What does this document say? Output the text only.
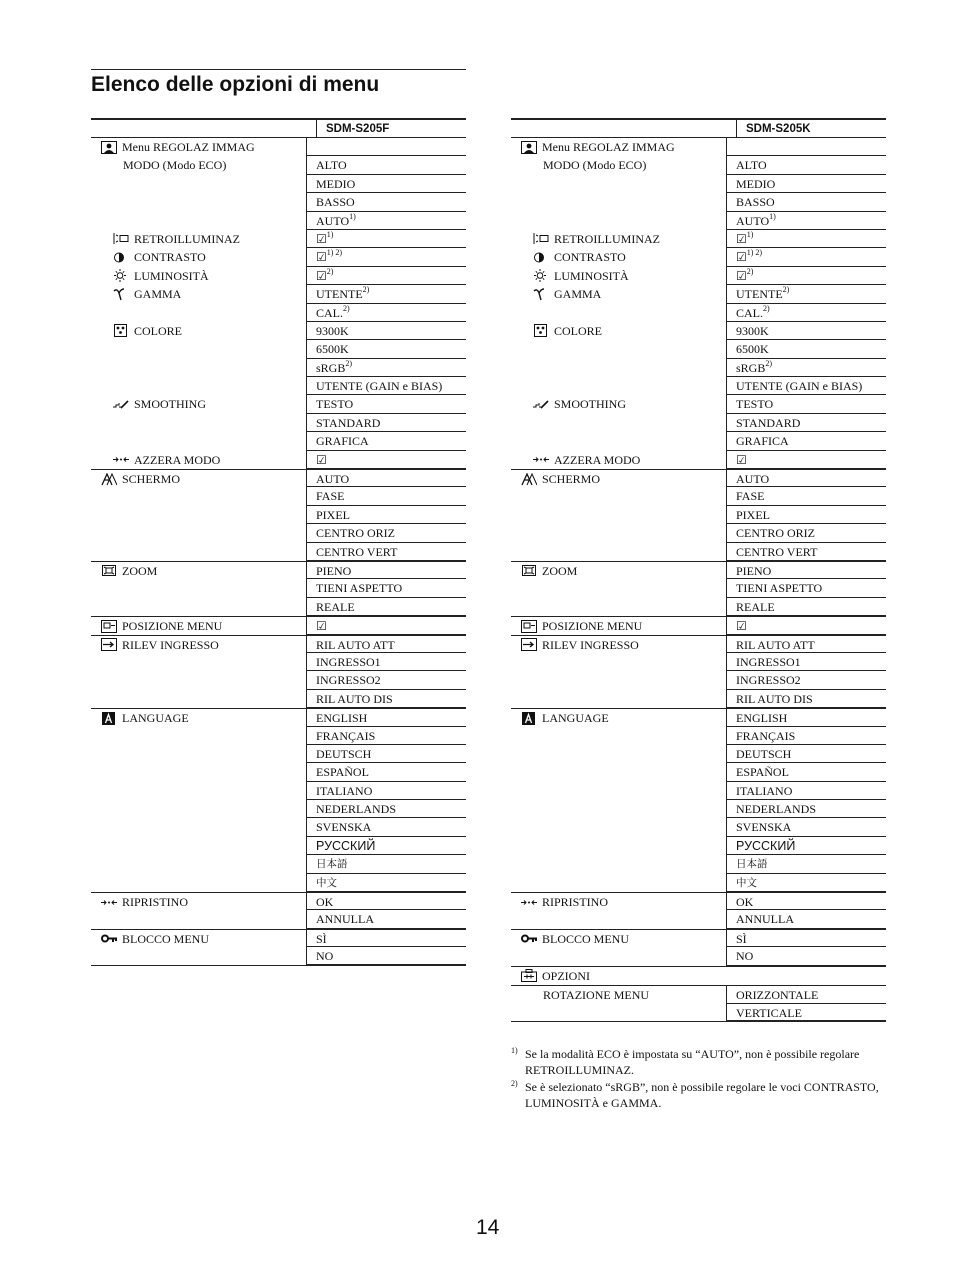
Elenco delle opzioni di menu
SDM-S205F
Menu REGOLAZ IMMAG
MODO (Modo ECO)	ALTO
MEDIO
BASSO
AUTO$^{1)}$
RETROILLUMINAZ	☑$^{1)}$
CONTRASTO	☑$^{1) 2)}$
LUMINOSITÀ	☑$^{2)}$
GAMMA	UTENTE$^{2)}$
CAL.$^{2)}$
COLORE	9300K
6500K
sRGB$^{2)}$
UTENTE (GAIN e BIAS)
SMOOTHING	TESTO
STANDARD
GRAFICA
AZZERA MODO	☑
SCHERMO	AUTO
FASE
PIXEL
CENTRO ORIZ
CENTRO VERT
ZOOM	PIENO
TIENI ASPETTO
REALE
POSIZIONE MENU	☑
RILEV INGRESSO	RIL AUTO ATT
INGRESSO1
INGRESSO2
RIL AUTO DIS
LANGUAGE	ENGLISH
FRANÇAIS
DEUTSCH
ESPAÑOL
ITALIANO
NEDERLANDS
SVENSKA
РУССКИЙ
日本語
中文
RIPRISTINO	OK
ANNULLA
BLOCCO MENU	SÌ
NO
SDM-S205K
Menu REGOLAZ IMMAG
MODO (Modo ECO)	ALTO
MEDIO
BASSO
AUTO$^{1)}$
RETROILLUMINAZ	☑$^{1)}$
CONTRASTO	☑$^{1) 2)}$
LUMINOSITÀ	☑$^{2)}$
GAMMA	UTENTE$^{2)}$
CAL.$^{2)}$
COLORE	9300K
6500K
sRGB$^{2)}$
UTENTE (GAIN e BIAS)
SMOOTHING	TESTO
STANDARD
GRAFICA
AZZERA MODO	☑
SCHERMO	AUTO
FASE
PIXEL
CENTRO ORIZ
CENTRO VERT
ZOOM	PIENO
TIENI ASPETTO
REALE
POSIZIONE MENU	☑
RILEV INGRESSO	RIL AUTO ATT
INGRESSO1
INGRESSO2
RIL AUTO DIS
LANGUAGE	ENGLISH
FRANÇAIS
DEUTSCH
ESPAÑOL
ITALIANO
NEDERLANDS
SVENSKA
РУССКИЙ
日本語
中文
RIPRISTINO	OK
ANNULLA
BLOCCO MENU	SÌ
NO
OPZIONI
ROTAZIONE MENU	ORIZZONTALE
VERTICALE
1) Se la modalità ECO è impostata su “AUTO”, non è possibile regolare RETROILLUMINAZ.
2) Se è selezionato “sRGB”, non è possibile regolare le voci CONTRASTO, LUMINOSITÀ e GAMMA.
14
